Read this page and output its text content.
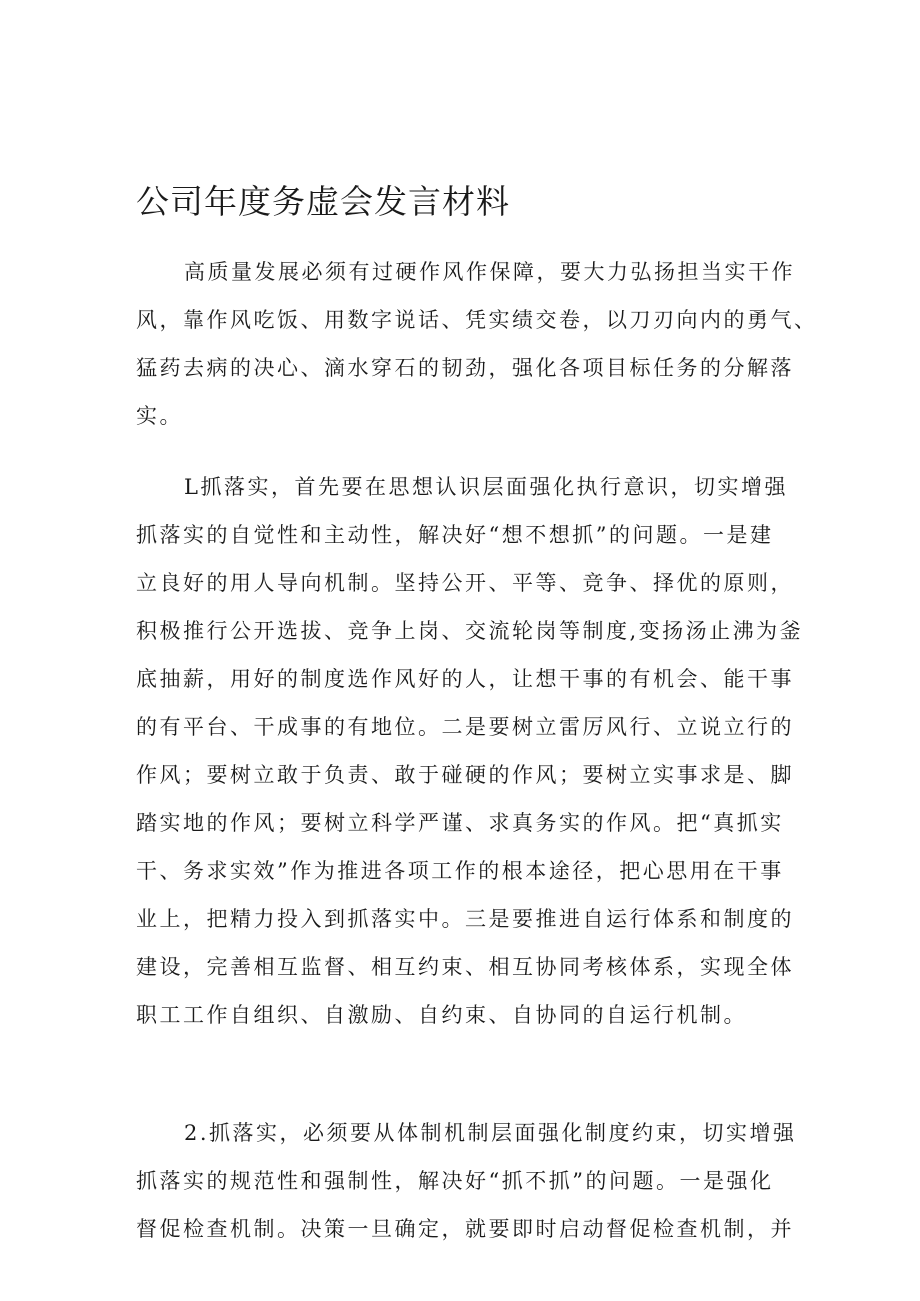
公司年度务虚会发言材料
高质量发展必须有过硬作风作保障，要大力弘扬担当实干作
风，靠作风吃饭、用数字说话、凭实绩交卷，以刀刃向内的勇气、
猛药去病的决心、滴水穿石的韧劲，强化各项目标任务的分解落
实。
L抓落实，首先要在思想认识层面强化执行意识，切实增强
抓落实的自觉性和主动性，解决好“想不想抓”的问题。一是建
立良好的用人导向机制。坚持公开、平等、竞争、择优的原则，
积极推行公开选拔、竞争上岗、交流轮岗等制度,变扬汤止沸为釜
底抽薪，用好的制度选作风好的人，让想干事的有机会、能干事
的有平台、干成事的有地位。二是要树立雷厉风行、立说立行的
作风；要树立敢于负责、敢于碰硬的作风；要树立实事求是、脚
踏实地的作风；要树立科学严谨、求真务实的作风。把“真抓实
干、务求实效”作为推进各项工作的根本途径，把心思用在干事
业上，把精力投入到抓落实中。三是要推进自运行体系和制度的
建设，完善相互监督、相互约束、相互协同考核体系，实现全体
职工工作自组织、自激励、自约束、自协同的自运行机制。
2.抓落实，必须要从体制机制层面强化制度约束，切实增强
抓落实的规范性和强制性，解决好“抓不抓”的问题。一是强化
督促检查机制。决策一旦确定，就要即时启动督促检查机制，并
